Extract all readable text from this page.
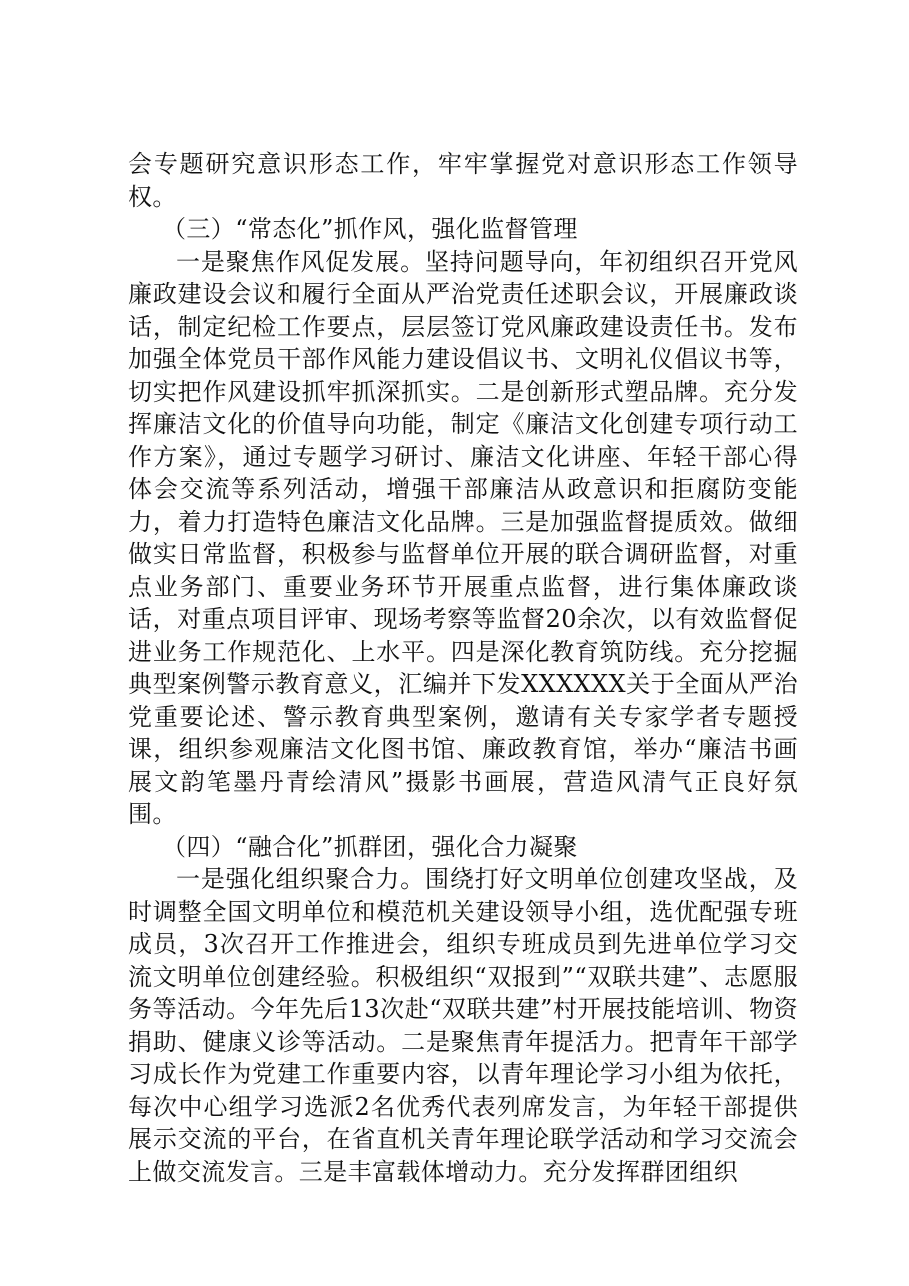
会专题研究意识形态工作，牢牢掌握党对意识形态工作领导权。

（三）“常态化”抓作风，强化监督管理

一是聚焦作风促发展。坚持问题导向，年初组织召开党风廉政建设会议和履行全面从严治党责任述职会议，开展廉政谈话，制定纪检工作要点，层层签订党风廉政建设责任书。发布加强全体党员干部作风能力建设倡议书、文明礼仪倡议书等，切实把作风建设抓牢抓深抓实。二是创新形式塑品牌。充分发挥廉洁文化的价值导向功能，制定《廉洁文化创建专项行动工作方案》，通过专题学习研讨、廉洁文化讲座、年轻干部心得体会交流等系列活动，增强干部廉洁从政意识和拒腐防变能力，着力打造特色廉洁文化品牌。三是加强监督提质效。做细做实日常监督，积极参与监督单位开展的联合调研监督，对重点业务部门、重要业务环节开展重点监督，进行集体廉政谈话，对重点项目评审、现场考察等监督20余次，以有效监督促进业务工作规范化、上水平。四是深化教育筑防线。充分挖掘典型案例警示教育意义，汇编并下发XXXXXX关于全面从严治党重要论述、警示教育典型案例，邀请有关专家学者专题授课，组织参观廉洁文化图书馆、廉政教育馆，举办“廉洁书画展文韵笔墨丹青绘清风”摄影书画展，营造风清气正良好氛围。

（四）“融合化”抓群团，强化合力凝聚

一是强化组织聚合力。围绕打好文明单位创建攻坚战，及时调整全国文明单位和模范机关建设领导小组，选优配强专班成员，3次召开工作推进会，组织专班成员到先进单位学习交流文明单位创建经验。积极组织“双报到”“双联共建”、志愿服务等活动。今年先后13次赴“双联共建”村开展技能培训、物资捐助、健康义诊等活动。二是聚焦青年提活力。把青年干部学习成长作为党建工作重要内容，以青年理论学习小组为依托，每次中心组学习选派2名优秀代表列席发言，为年轻干部提供展示交流的平台，在省直机关青年理论联学活动和学习交流会上做交流发言。三是丰富载体增动力。充分发挥群团组织
